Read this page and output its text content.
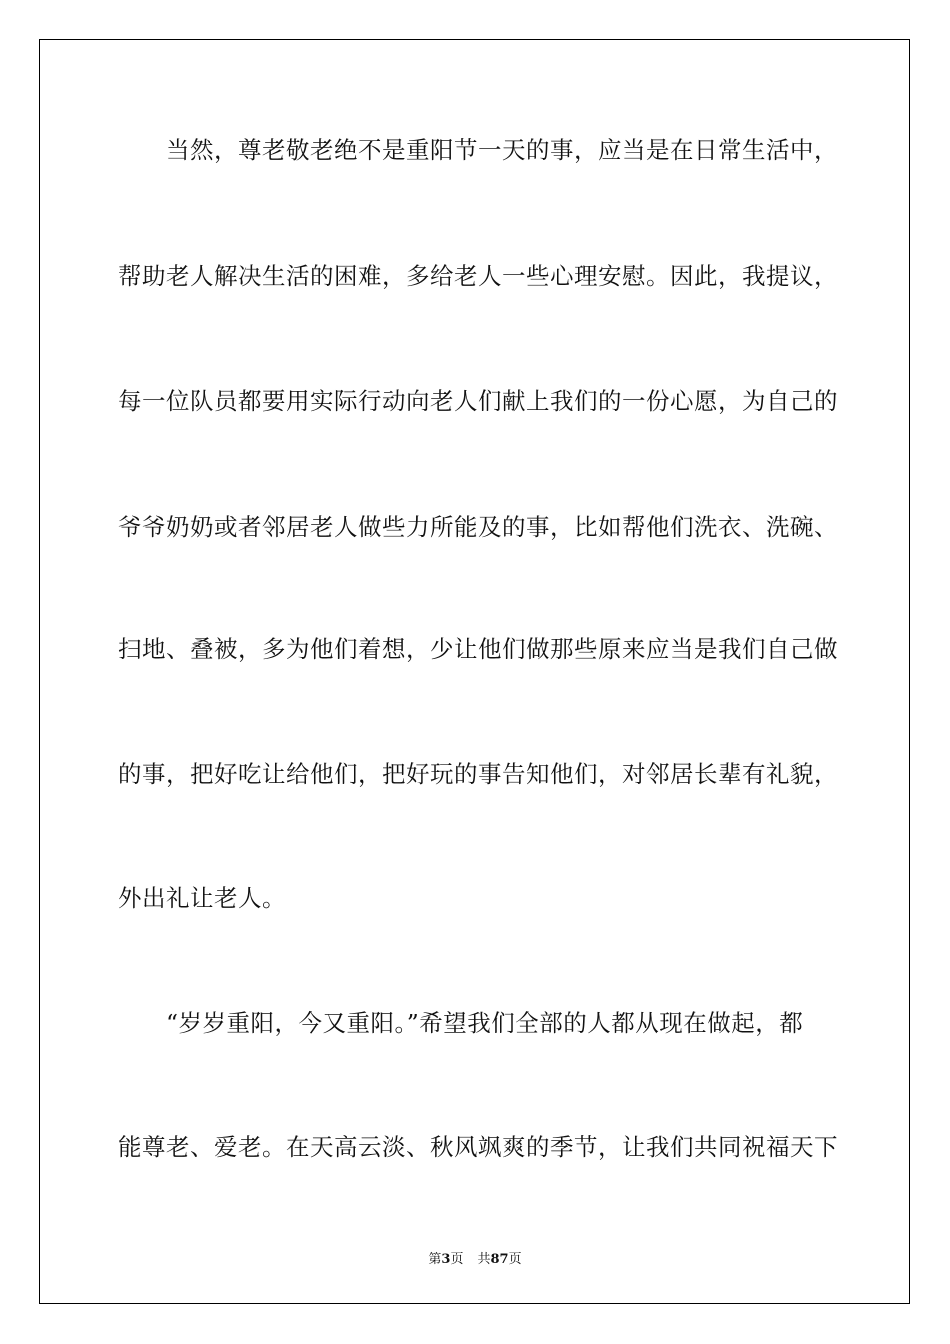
　　当然，尊老敬老绝不是重阳节一天的事，应当是在日常生活中，
帮助老人解决生活的困难，多给老人一些心理安慰。因此，我提议，
每一位队员都要用实际行动向老人们献上我们的一份心愿，为自己的
爷爷奶奶或者邻居老人做些力所能及的事，比如帮他们洗衣、洗碗、
扫地、叠被，多为他们着想，少让他们做那些原来应当是我们自己做
的事，把好吃让给他们，把好玩的事告知他们，对邻居长辈有礼貌，
外出礼让老人。
　　“岁岁重阳，今又重阳。”希望我们全部的人都从现在做起，都
能尊老、爱老。在天高云淡、秋风飒爽的季节，让我们共同祝福天下
第3页 共87页
